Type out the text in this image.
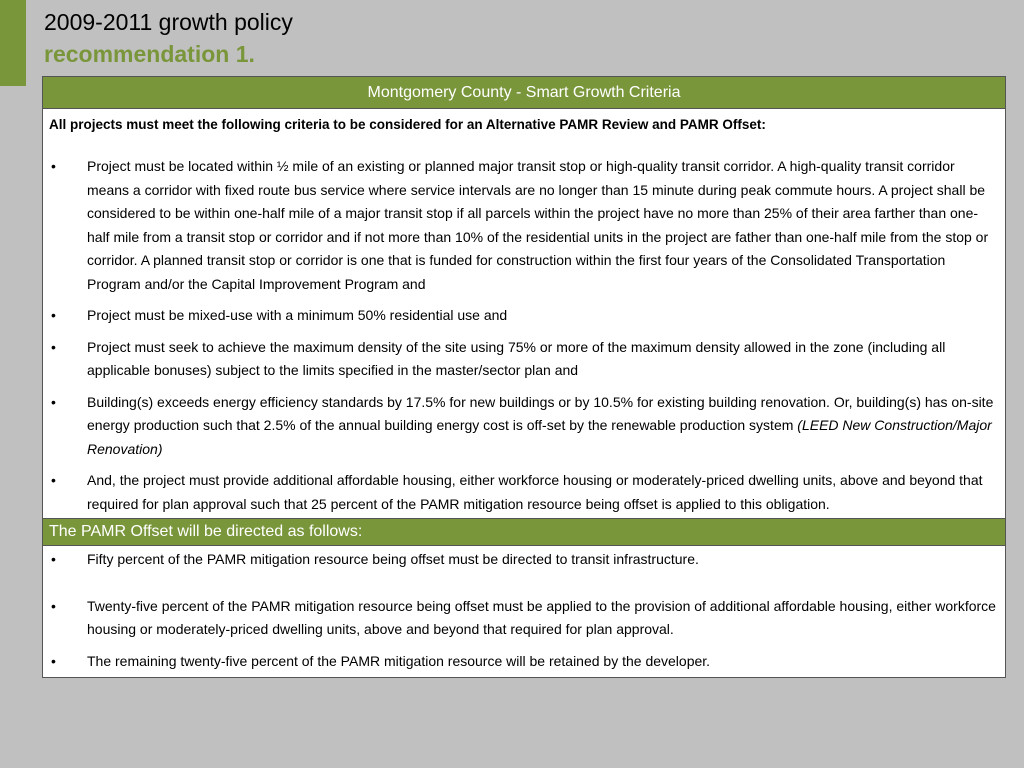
2009-2011 growth policy
recommendation 1.
Montgomery County - Smart Growth Criteria
All projects must meet the following criteria to be considered for an Alternative PAMR Review and PAMR Offset:
•	Project must be located within ½ mile of an existing or planned major transit stop or high-quality transit corridor. A high-quality transit corridor means a corridor with fixed route bus service where service intervals are no longer than 15 minute during peak commute hours. A project shall be considered to be within one-half mile of a major transit stop if all parcels within the project have no more than 25% of their area farther than one-half mile from a transit stop or corridor and if not more than 10% of the residential units in the project are father than one-half mile from the stop or corridor. A planned transit stop or corridor is one that is funded for construction within the first four years of the Consolidated Transportation Program and/or the Capital Improvement Program and
•	Project must be mixed-use with a minimum 50% residential use and
•	Project must seek to achieve the maximum density of the site using 75% or more of the maximum density allowed in the zone (including all applicable bonuses) subject to the limits specified in the master/sector plan and
•	Building(s) exceeds energy efficiency standards by 17.5% for new buildings or by 10.5% for existing building renovation. Or, building(s) has on-site energy production such that 2.5% of the annual building energy cost is off-set by the renewable production system (LEED New Construction/Major Renovation)
•	And, the project must provide additional affordable housing, either workforce housing or moderately-priced dwelling units, above and beyond that required for plan approval such that 25 percent of the PAMR mitigation resource being offset is applied to this obligation.
The PAMR Offset will be directed as follows:
•	Fifty percent of the PAMR mitigation resource being offset must be directed to transit infrastructure.
•	Twenty-five percent of the PAMR mitigation resource being offset must be applied to the provision of additional affordable housing, either workforce housing or moderately-priced dwelling units, above and beyond that required for plan approval.
•	The remaining twenty-five percent of the PAMR mitigation resource will be retained by the developer.
